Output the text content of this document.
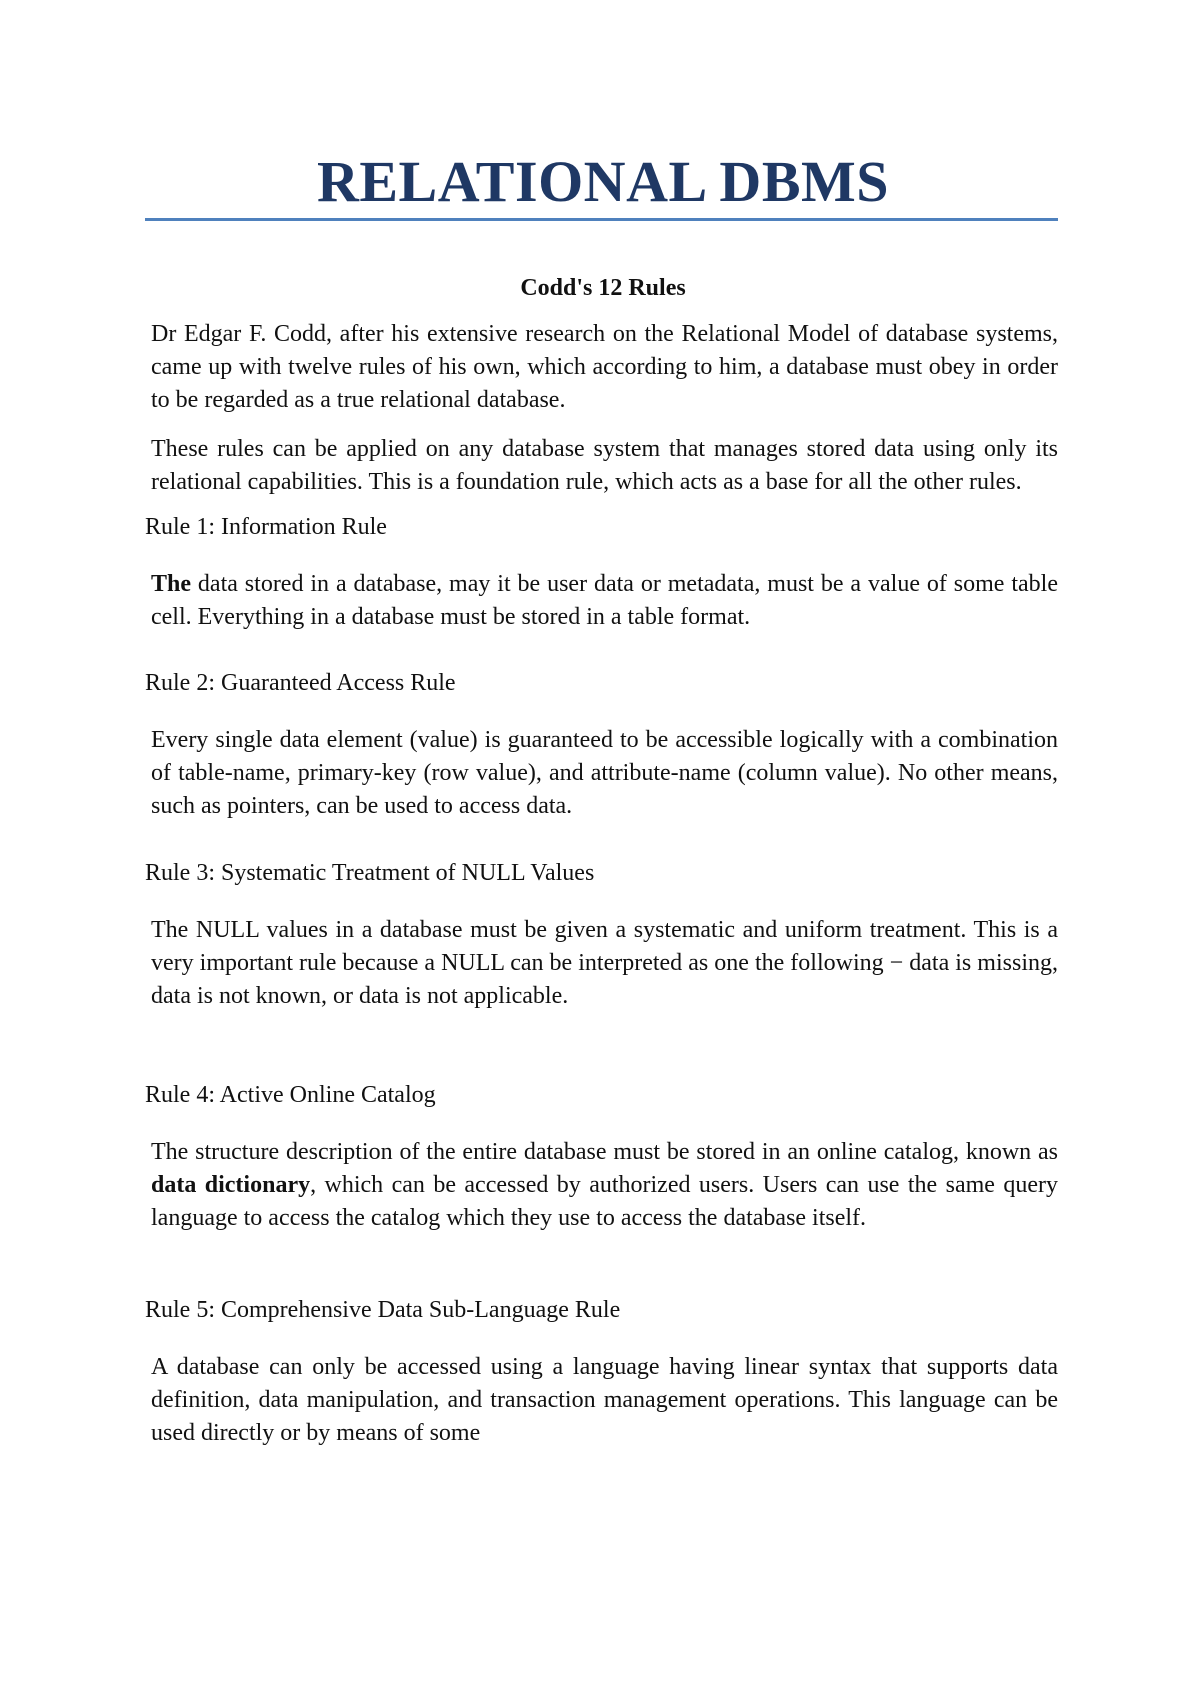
RELATIONAL DBMS
Codd's 12 Rules

Dr Edgar F. Codd, after his extensive research on the Relational Model of database systems, came up with twelve rules of his own, which according to him, a database must obey in order to be regarded as a true relational database.

These rules can be applied on any database system that manages stored data using only its relational capabilities. This is a foundation rule, which acts as a base for all the other rules.

Rule 1: Information Rule

The data stored in a database, may it be user data or metadata, must be a value of some table cell. Everything in a database must be stored in a table format.

Rule 2: Guaranteed Access Rule

Every single data element (value) is guaranteed to be accessible logically with a combination of table-name, primary-key (row value), and attribute-name (column value). No other means, such as pointers, can be used to access data.

Rule 3: Systematic Treatment of NULL Values

The NULL values in a database must be given a systematic and uniform treatment. This is a very important rule because a NULL can be interpreted as one the following − data is missing, data is not known, or data is not applicable.

Rule 4: Active Online Catalog

The structure description of the entire database must be stored in an online catalog, known as data dictionary, which can be accessed by authorized users. Users can use the same query language to access the catalog which they use to access the database itself.

Rule 5: Comprehensive Data Sub-Language Rule

A database can only be accessed using a language having linear syntax that supports data definition, data manipulation, and transaction management operations. This language can be used directly or by means of some
